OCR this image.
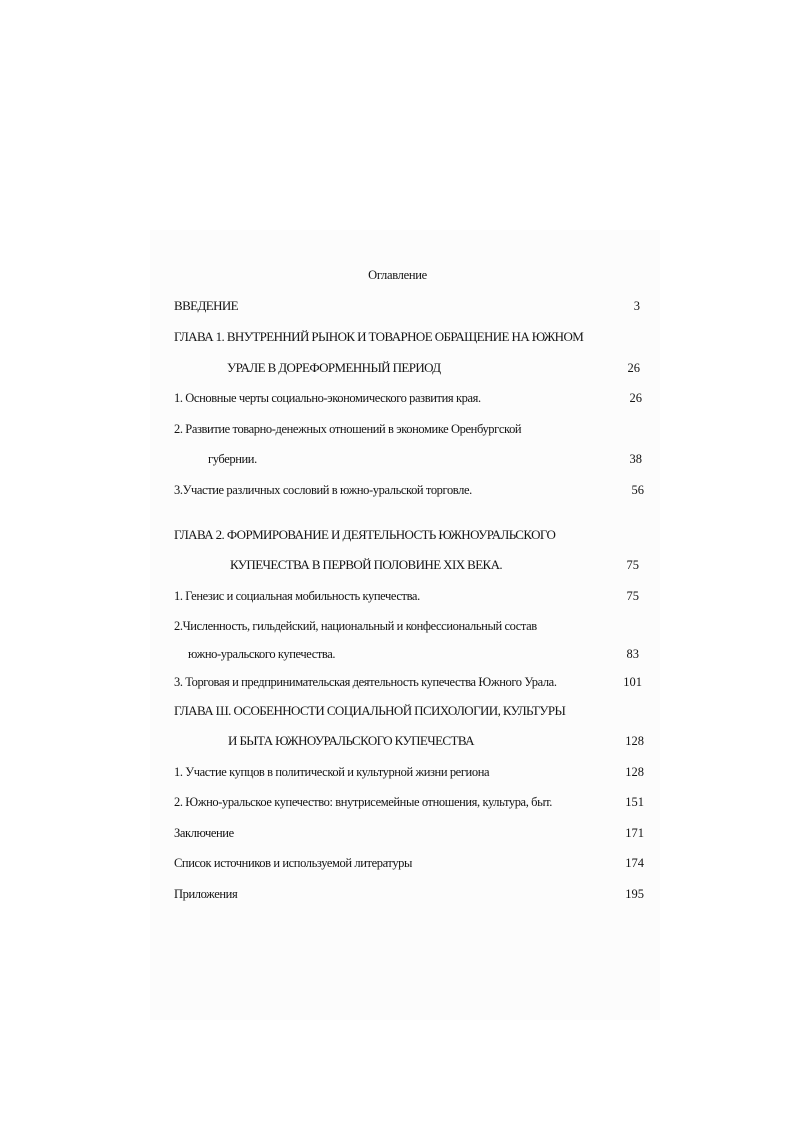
Оглавление
ВВЕДЕНИЕ	3
ГЛАВА 1. ВНУТРЕННИЙ РЫНОК И ТОВАРНОЕ ОБРАЩЕНИЕ НА ЮЖНОМ
УРАЛЕ В ДОРЕФОРМЕННЫЙ ПЕРИОД	26
1. Основные черты социально-экономического развития края.	26
2. Развитие товарно-денежных отношений в экономике Оренбургской
губернии.	38
3.Участие различных сословий в южно-уральской торговле.	56
ГЛАВА 2. ФОРМИРОВАНИЕ И ДЕЯТЕЛЬНОСТЬ ЮЖНОУРАЛЬСКОГО
КУПЕЧЕСТВА В ПЕРВОЙ ПОЛОВИНЕ XIX ВЕКА.	75
1. Генезис и социальная мобильность купечества.	75
2.Численность, гильдейский, национальный и конфессиональный состав
южно-уральского купечества.	83
3. Торговая и предпринимательская деятельность купечества Южного Урала.	101
ГЛАВА Ш. ОСОБЕННОСТИ СОЦИАЛЬНОЙ ПСИХОЛОГИИ, КУЛЬТУРЫ
И БЫТА ЮЖНОУРАЛЬСКОГО КУПЕЧЕСТВА	128
1. Участие купцов в политической и культурной жизни региона	128
2. Южно-уральское купечество: внутрисемейные отношения, культура, быт.	151
Заключение	171
Список источников и используемой литературы	174
Приложения	195
